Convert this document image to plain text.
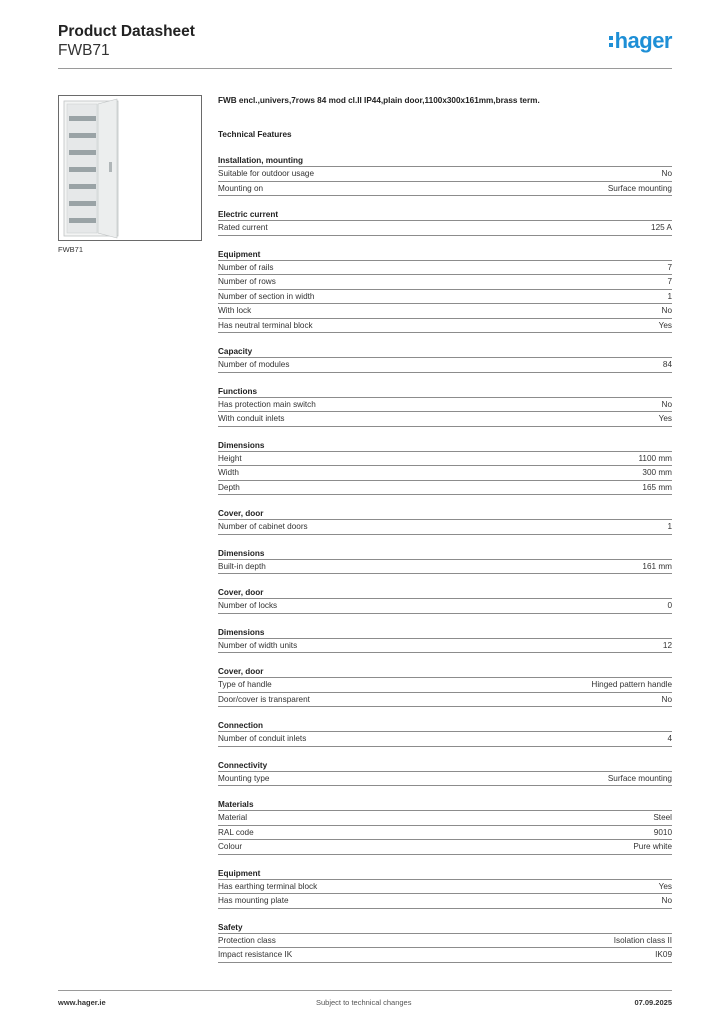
Product Datasheet
FWB71	hager
FWB71
FWB encl.,univers,7rows 84 mod cl.II IP44,plain door,1100x300x161mm,brass term.
Technical Features
Installation, mounting
Suitable for outdoor usage	No
Mounting on	Surface mounting
Electric current
Rated current	125 A
Equipment
Number of rails	7
Number of rows	7
Number of section in width	1
With lock	No
Has neutral terminal block	Yes
Capacity
Number of modules	84
Functions
Has protection main switch	No
With conduit inlets	Yes
Dimensions
Height	1100 mm
Width	300 mm
Depth	165 mm
Cover, door
Number of cabinet doors	1
Dimensions
Built-in depth	161 mm
Cover, door
Number of locks	0
Dimensions
Number of width units	12
Cover, door
Type of handle	Hinged pattern handle
Door/cover is transparent	No
Connection
Number of conduit inlets	4
Connectivity
Mounting type	Surface mounting
Materials
Material	Steel
RAL code	9010
Colour	Pure white
Equipment
Has earthing terminal block	Yes
Has mounting plate	No
Safety
Protection class	Isolation class II
Impact resistance IK	IK09
www.hager.ie	Subject to technical changes	07.09.2025
